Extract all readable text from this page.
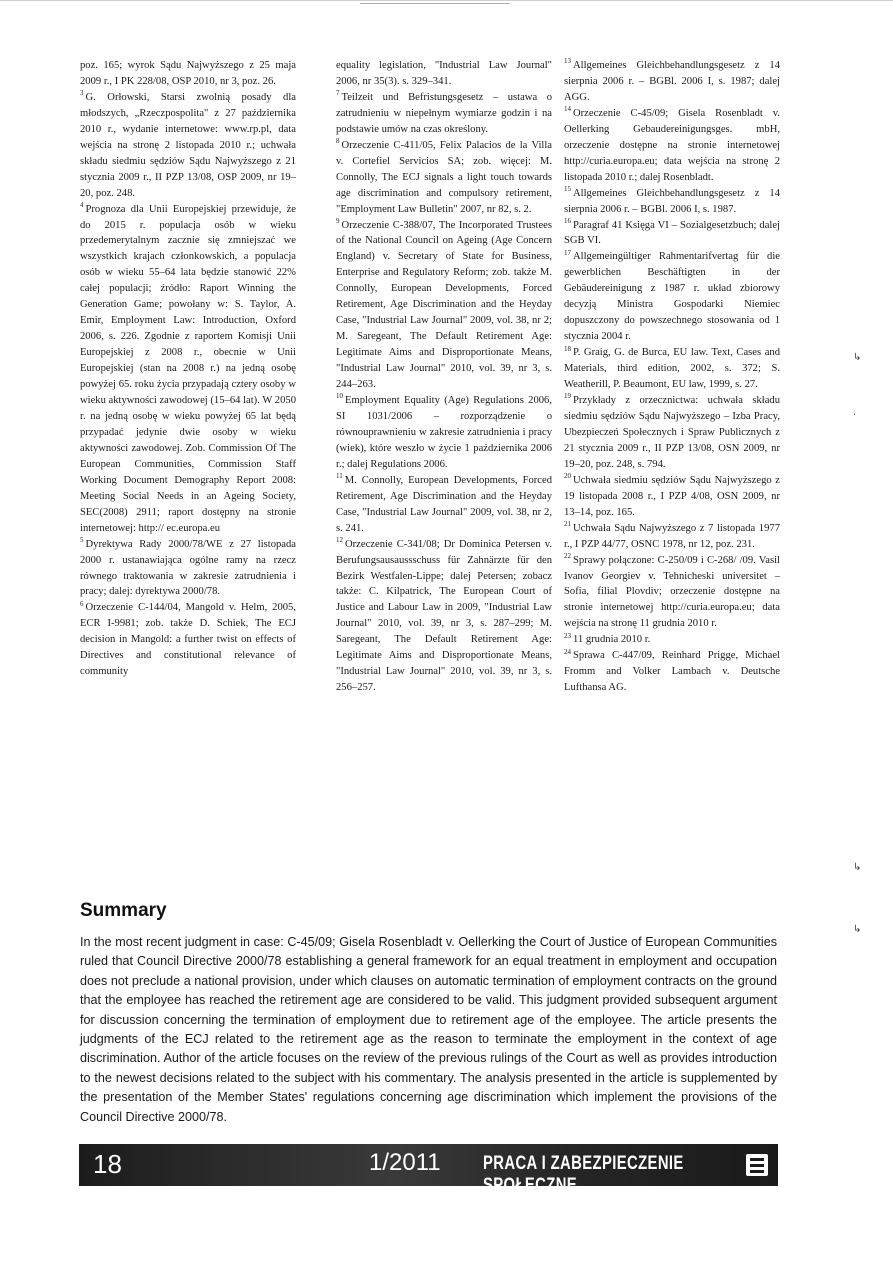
poz. 165; wyrok Sądu Najwyższego z 25 maja 2009 r., I PK 228/08, OSP 2010, nr 3, poz. 26.

$^3$ G. Orłowski, Starsi zwolnią posady dla młodszych, „Rzeczpospolita" z 27 października 2010 r., wydanie internetowe: www.rp.pl, data wejścia na stronę 2 listopada 2010 r.; uchwała składu siedmiu sędziów Sądu Najwyższego z 21 stycznia 2009 r., II PZP 13/08, OSP 2009, nr 19–20, poz. 248.

$^4$ Prognoza dla Unii Europejskiej przewiduje, że do 2015 r. populacja osób w wieku przedemerytalnym zacznie się zmniejszać we wszystkich krajach członkowskich, a populacja osób w wieku 55–64 lata będzie stanowić 22% całej populacji; źródło: Raport Winning the Generation Game; powołany w: S. Taylor, A. Emir, Employment Law: Introduction, Oxford 2006, s. 226. Zgodnie z raportem Komisji Unii Europejskiej z 2008 r., obecnie w Unii Europejskiej (stan na 2008 r.) na jedną osobę powyżej 65. roku życia przypadają cztery osoby w wieku aktywności zawodowej (15–64 lat). W 2050 r. na jedną osobę w wieku powyżej 65 lat będą przypadać jedynie dwie osoby w wieku aktywności zawodowej. Zob. Commission Of The European Communities, Commission Staff Working Document Demography Report 2008: Meeting Social Needs in an Ageing Society, SEC(2008) 2911; raport dostępny na stronie internetowej: http:// ec.europa.eu

$^5$ Dyrektywa Rady 2000/78/WE z 27 listopada 2000 r. ustanawiająca ogólne ramy na rzecz równego traktowania w zakresie zatrudnienia i pracy; dalej: dyrektywa 2000/78.

$^6$ Orzeczenie C-144/04, Mangold v. Helm, 2005, ECR I-9981; zob. także D. Schiek, The ECJ decision in Mangold: a further twist on effects of Directives and constitutional relevance of community

equality legislation, "Industrial Law Journal" 2006, nr 35(3). s. 329–341.

$^7$ Teilzeit und Befristungsgesetz – ustawa o zatrudnieniu w niepełnym wymiarze godzin i na podstawie umów na czas określony.

$^8$ Orzeczenie C-411/05, Felix Palacios de la Villa v. Cortefiel Servicios SA; zob. więcej: M. Connolly, The ECJ signals a light touch towards age discrimination and compulsory retirement, "Employment Law Bulletin" 2007, nr 82, s. 2.

$^9$ Orzeczenie C-388/07, The Incorporated Trustees of the National Council on Ageing (Age Concern England) v. Secretary of State for Business, Enterprise and Regulatory Reform; zob. także M. Connolly, European Developments, Forced Retirement, Age Discrimination and the Heyday Case, "Industrial Law Journal" 2009, vol. 38, nr 2; M. Saregeant, The Default Retirement Age: Legitimate Aims and Disproportionate Means, "Industrial Law Journal" 2010, vol. 39, nr 3, s. 244–263.

$^{10}$ Employment Equality (Age) Regulations 2006, SI 1031/2006 – rozporządzenie o równouprawnieniu w zakresie zatrudnienia i pracy (wiek), które weszło w życie 1 października 2006 r.; dalej Regulations 2006.

$^{11}$ M. Connolly, European Developments, Forced Retirement, Age Discrimination and the Heyday Case, "Industrial Law Journal" 2009, vol. 38, nr 2, s. 241.

$^{12}$ Orzeczenie C-341/08; Dr Dominica Petersen v. Berufungsausaussschuss für Zahnärzte für den Bezirk Westfalen-Lippe; dalej Petersen; zobacz także: C. Kilpatrick, The European Court of Justice and Labour Law in 2009, "Industrial Law Journal" 2010, vol. 39, nr 3, s. 287–299; M. Saregeant, The Default Retirement Age: Legitimate Aims and Disproportionate Means, "Industrial Law Journal" 2010, vol. 39, nr 3, s. 256–257.

$^{13}$ Allgemeines Gleichbehandlungsgesetz z 14 sierpnia 2006 r. – BGBl. 2006 I, s. 1987; dalej AGG.

$^{14}$ Orzeczenie C-45/09; Gisela Rosenbladt v. Oellerking Gebaudereinigungsges. mbH, orzeczenie dostępne na stronie internetowej http://curia.europa.eu; data wejścia na stronę 2 listopada 2010 r.; dalej Rosenbladt.

$^{15}$ Allgemeines Gleichbehandlungsgesetz z 14 sierpnia 2006 r. – BGBl. 2006 I, s. 1987.

$^{16}$ Paragraf 41 Księga VI – Sozialgesetzbuch; dalej SGB VI.

$^{17}$ Allgemeingültiger Rahmentarifvertag für die gewerblichen Beschäftigten in der Gebäudereinigung z 1987 r. układ zbiorowy decyzją Ministra Gospodarki Niemiec dopuszczony do powszechnego stosowania od 1 stycznia 2004 r.

$^{18}$ P. Graig, G. de Burca, EU law. Text, Cases and Materials, third edition, 2002, s. 372; S. Weatherill, P. Beaumont, EU law, 1999, s. 27.

$^{19}$ Przykłady z orzecznictwa: uchwała składu siedmiu sędziów Sądu Najwyższego – Izba Pracy, Ubezpieczeń Społecznych i Spraw Publicznych z 21 stycznia 2009 r., II PZP 13/08, OSN 2009, nr 19–20, poz. 248, s. 794.

$^{20}$ Uchwała siedmiu sędziów Sądu Najwyższego z 19 listopada 2008 r., I PZP 4/08, OSN 2009, nr 13–14, poz. 165.

$^{21}$ Uchwała Sądu Najwyższego z 7 listopada 1977 r., I PZP 44/77, OSNC 1978, nr 12, poz. 231.

$^{22}$ Sprawy połączone: C-250/09 i C-268/ /09. Vasil Ivanov Georgiev v. Tehnicheski universitet – Sofia, filial Plovdiv; orzeczenie dostępne na stronie internetowej http://curia.europa.eu; data wejścia na stronę 11 grudnia 2010 r.

$^{23}$ 11 grudnia 2010 r.

$^{24}$ Sprawa C-447/09, Reinhard Prigge, Michael Fromm and Volker Lambach v. Deutsche Lufthansa AG.

↳
·
↳
↳
Summary
In the most recent judgment in case: C-45/09; Gisela Rosenbladt v. Oellerking the Court of Justice of European Communities ruled that Council Directive 2000/78 establishing a general framework for an equal treatment in employment and occupation does not preclude a national provision, under which clauses on automatic termination of employment contracts on the ground that the employee has reached the retirement age are considered to be valid. This judgment provided subsequent argument for discussion concerning the termination of employment due to retirement age of the employee. The article presents the judgments of the ECJ related to the retirement age as the reason to terminate the employment in the context of age discrimination. Author of the article focuses on the review of the previous rulings of the Court as well as provides introduction to the newest decisions related to the subject with his commentary. The analysis presented in the article is supplemented by the presentation of the Member States' regulations concerning age discrimination which implement the provisions of the Council Directive 2000/78.
18	1/2011 PRACA I ZABEZPIECZENIE SPOŁECZNE
